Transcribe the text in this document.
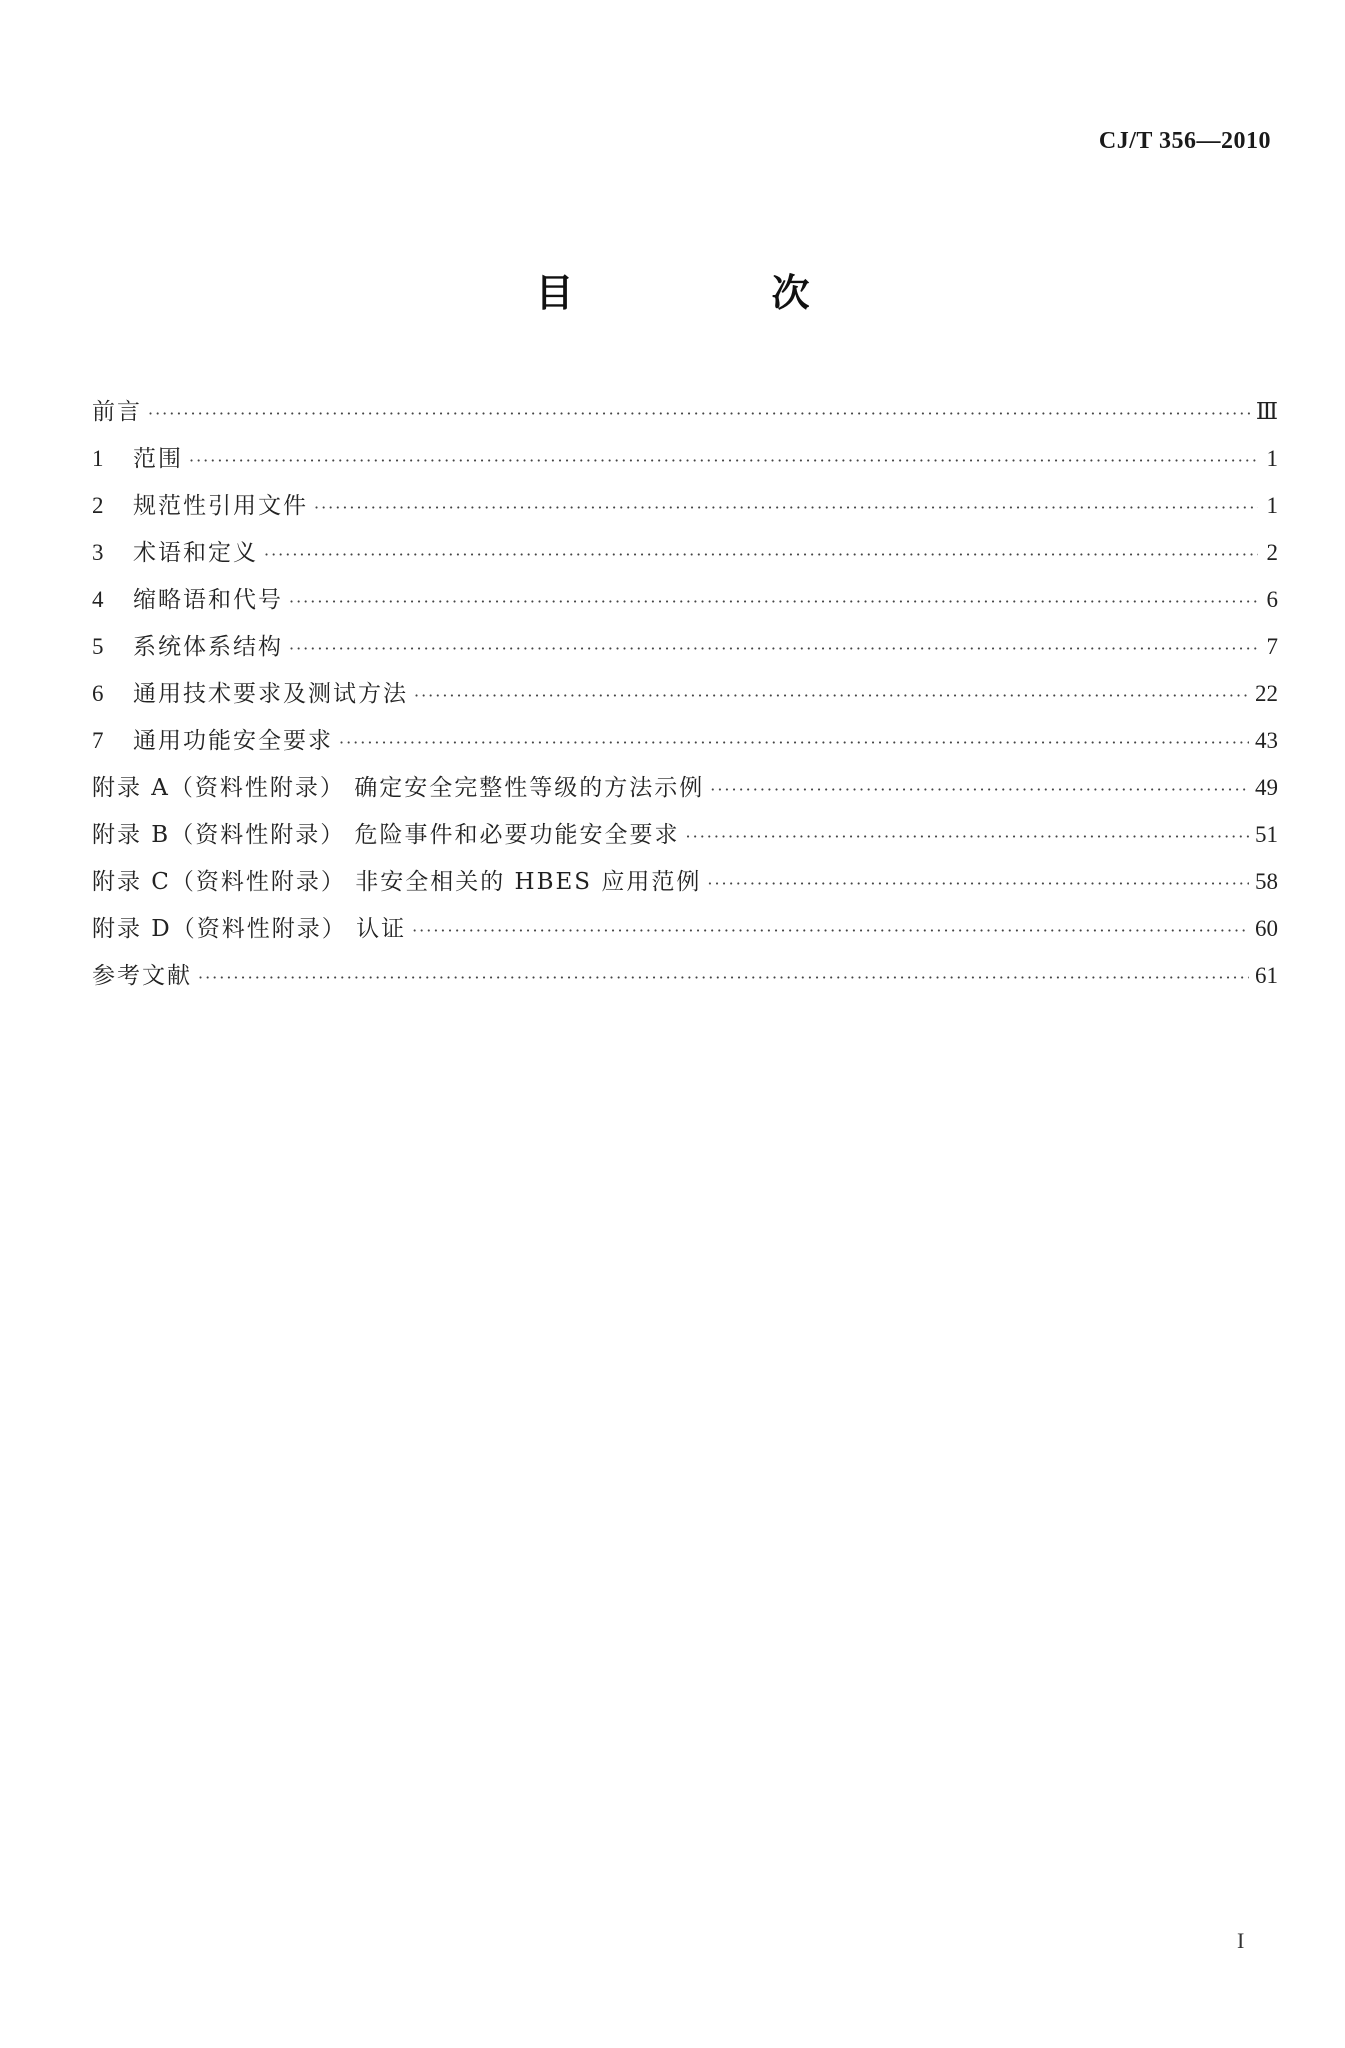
CJ/T 356—2010
目　次
前言 ·····	Ⅲ
1 范围 ·····	1
2 规范性引用文件 ·····	1
3 术语和定义 ·····	2
4 缩略语和代号 ·····	6
5 系统体系结构 ·····	7
6 通用技术要求及测试方法 ·····	22
7 通用功能安全要求 ·····	43
附录 A（资料性附录） 确定安全完整性等级的方法示例 ·····	49
附录 B（资料性附录） 危险事件和必要功能安全要求 ·····	51
附录 C（资料性附录） 非安全相关的 HBES 应用范例 ·····	58
附录 D（资料性附录） 认证 ·····	60
参考文献 ·····	61
I
